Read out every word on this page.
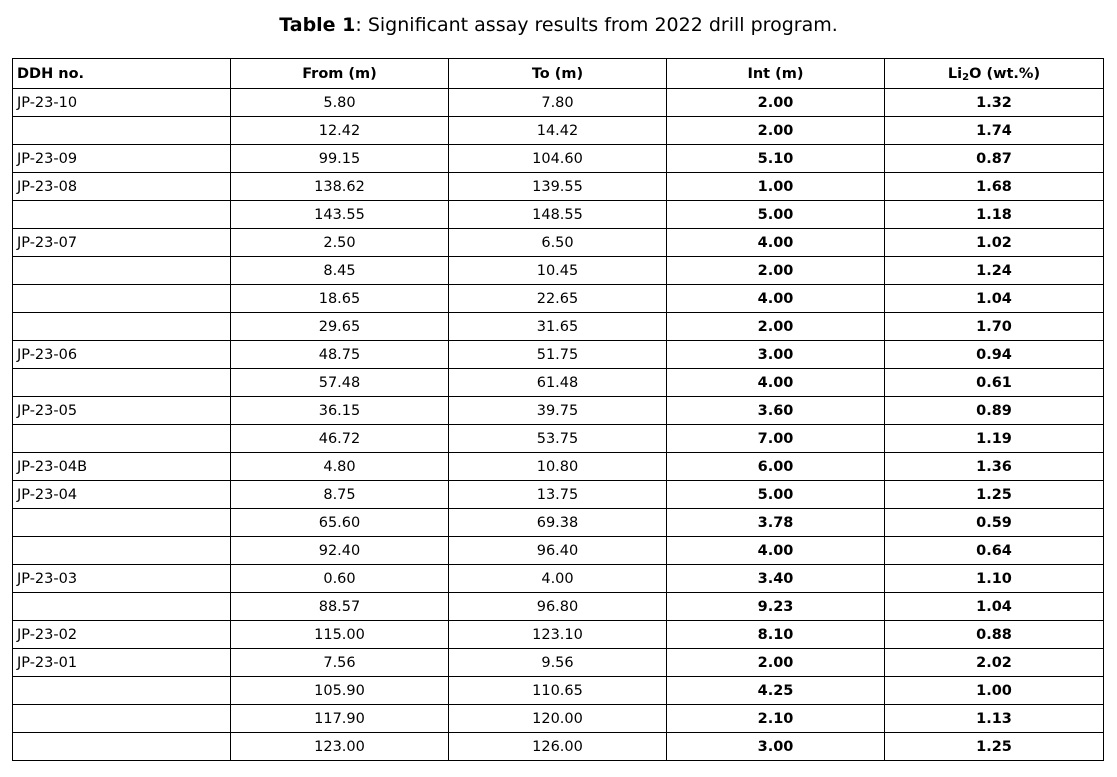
Table 1: Significant assay results from 2022 drill program.
DDH no.	From (m)	To (m)	Int (m)	$Li_2O$ (wt.%)
JP-23-10	5.80	7.80	2.00	1.32
	12.42	14.42	2.00	1.74
JP-23-09	99.15	104.60	5.10	0.87
JP-23-08	138.62	139.55	1.00	1.68
	143.55	148.55	5.00	1.18
JP-23-07	2.50	6.50	4.00	1.02
	8.45	10.45	2.00	1.24
	18.65	22.65	4.00	1.04
	29.65	31.65	2.00	1.70
JP-23-06	48.75	51.75	3.00	0.94
	57.48	61.48	4.00	0.61
JP-23-05	36.15	39.75	3.60	0.89
	46.72	53.75	7.00	1.19
JP-23-04B	4.80	10.80	6.00	1.36
JP-23-04	8.75	13.75	5.00	1.25
	65.60	69.38	3.78	0.59
	92.40	96.40	4.00	0.64
JP-23-03	0.60	4.00	3.40	1.10
	88.57	96.80	9.23	1.04
JP-23-02	115.00	123.10	8.10	0.88
JP-23-01	7.56	9.56	2.00	2.02
	105.90	110.65	4.25	1.00
	117.90	120.00	2.10	1.13
	123.00	126.00	3.00	1.25
